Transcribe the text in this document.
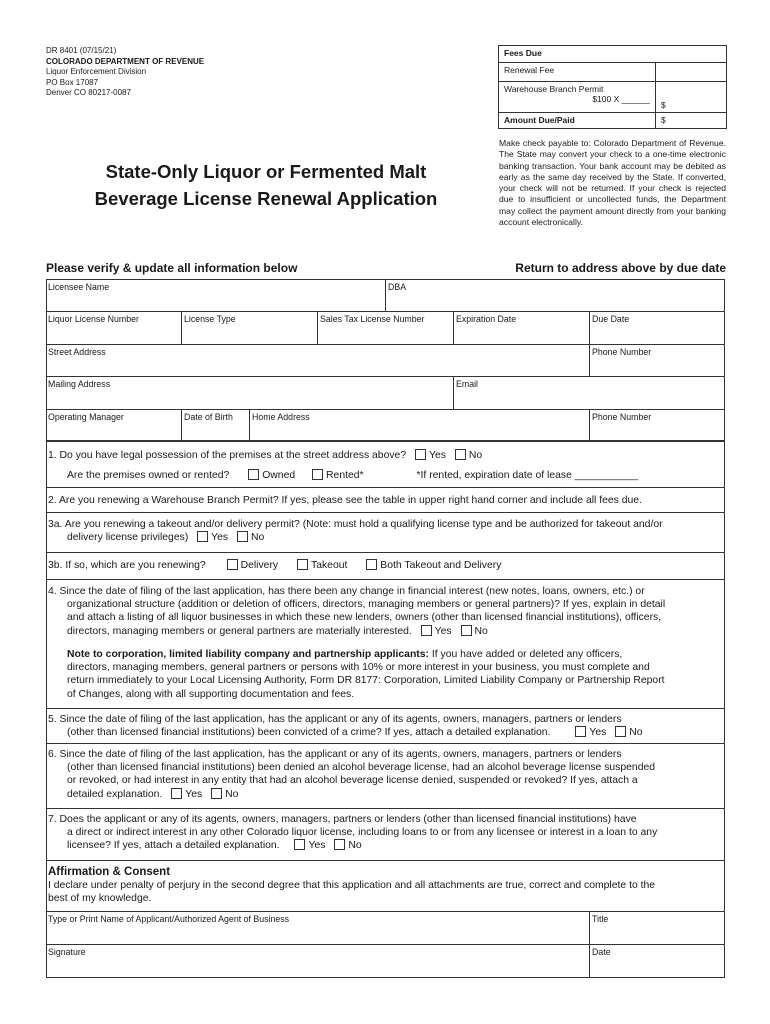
DR 8401 (07/15/21)
COLORADO DEPARTMENT OF REVENUE
Liquor Enforcement Division
PO Box 17087
Denver CO 80217-0087
State-Only Liquor or Fermented Malt
Beverage License Renewal Application
Fees Due	
Renewal Fee	

Warehouse Branch Permit
$100 X ______	$
Amount Due/Paid	$
Make check payable to: Colorado Department of Revenue. The State may convert your check to a one-time electronic banking transaction. Your bank account may be debited as early as the same day received by the State. If converted, your check will not be returned. If your check is rejected due to insufficient or uncollected funds, the Department may collect the payment amount directly from your banking account electronically.
Please verify & update all information below	Return to address above by due date
Licensee Name	DBA
Liquor License Number	License Type	Sales Tax License Number	Expiration Date	Due Date
Street Address	Phone Number
Mailing Address	Email
Operating Manager	Date of Birth Home Address	Phone Number
1. Do you have legal possession of the premises at the street address above? Yes No
Are the premises owned or rented?	Owned	Rented*	*If rented, expiration date of lease ___________
2. Are you renewing a Warehouse Branch Permit? If yes, please see the table in upper right hand corner and include all fees due.
3a. Are you renewing a takeout and/or delivery permit? (Note: must hold a qualifying license type and be authorized for takeout and/or
delivery license privileges) Yes No
3b. If so, which are you renewing?	Delivery	Takeout	Both Takeout and Delivery
4. Since the date of filing of the last application, has there been any change in financial interest (new notes, loans, owners, etc.) or
organizational structure (addition or deletion of officers, directors, managing members or general partners)? If yes, explain in detail
and attach a listing of all liquor businesses in which these new lenders, owners (other than licensed financial institutions), officers,
directors, managing members or general partners are materially interested. Yes No
Note to corporation, limited liability company and partnership applicants: If you have added or deleted any officers,
directors, managing members, general partners or persons with 10% or more interest in your business, you must complete and
return immediately to your Local Licensing Authority, Form DR 8177: Corporation, Limited Liability Company or Partnership Report
of Changes, along with all supporting documentation and fees.
5. Since the date of filing of the last application, has the applicant or any of its agents, owners, managers, partners or lenders
(other than licensed financial institutions) been convicted of a crime? If yes, attach a detailed explanation.	Yes No
6. Since the date of filing of the last application, has the applicant or any of its agents, owners, managers, partners or lenders
(other than licensed financial institutions) been denied an alcohol beverage license, had an alcohol beverage license suspended
or revoked, or had interest in any entity that had an alcohol beverage license denied, suspended or revoked? If yes, attach a
detailed explanation. Yes No
7. Does the applicant or any of its agents, owners, managers, partners or lenders (other than licensed financial institutions) have
a direct or indirect interest in any other Colorado liquor license, including loans to or from any licensee or interest in a loan to any
licensee? If yes, attach a detailed explanation.	Yes No
Affirmation & Consent
I declare under penalty of perjury in the second degree that this application and all attachments are true, correct and complete to the
best of my knowledge.
Type or Print Name of Applicant/Authorized Agent of Business	Title
Signature	Date
